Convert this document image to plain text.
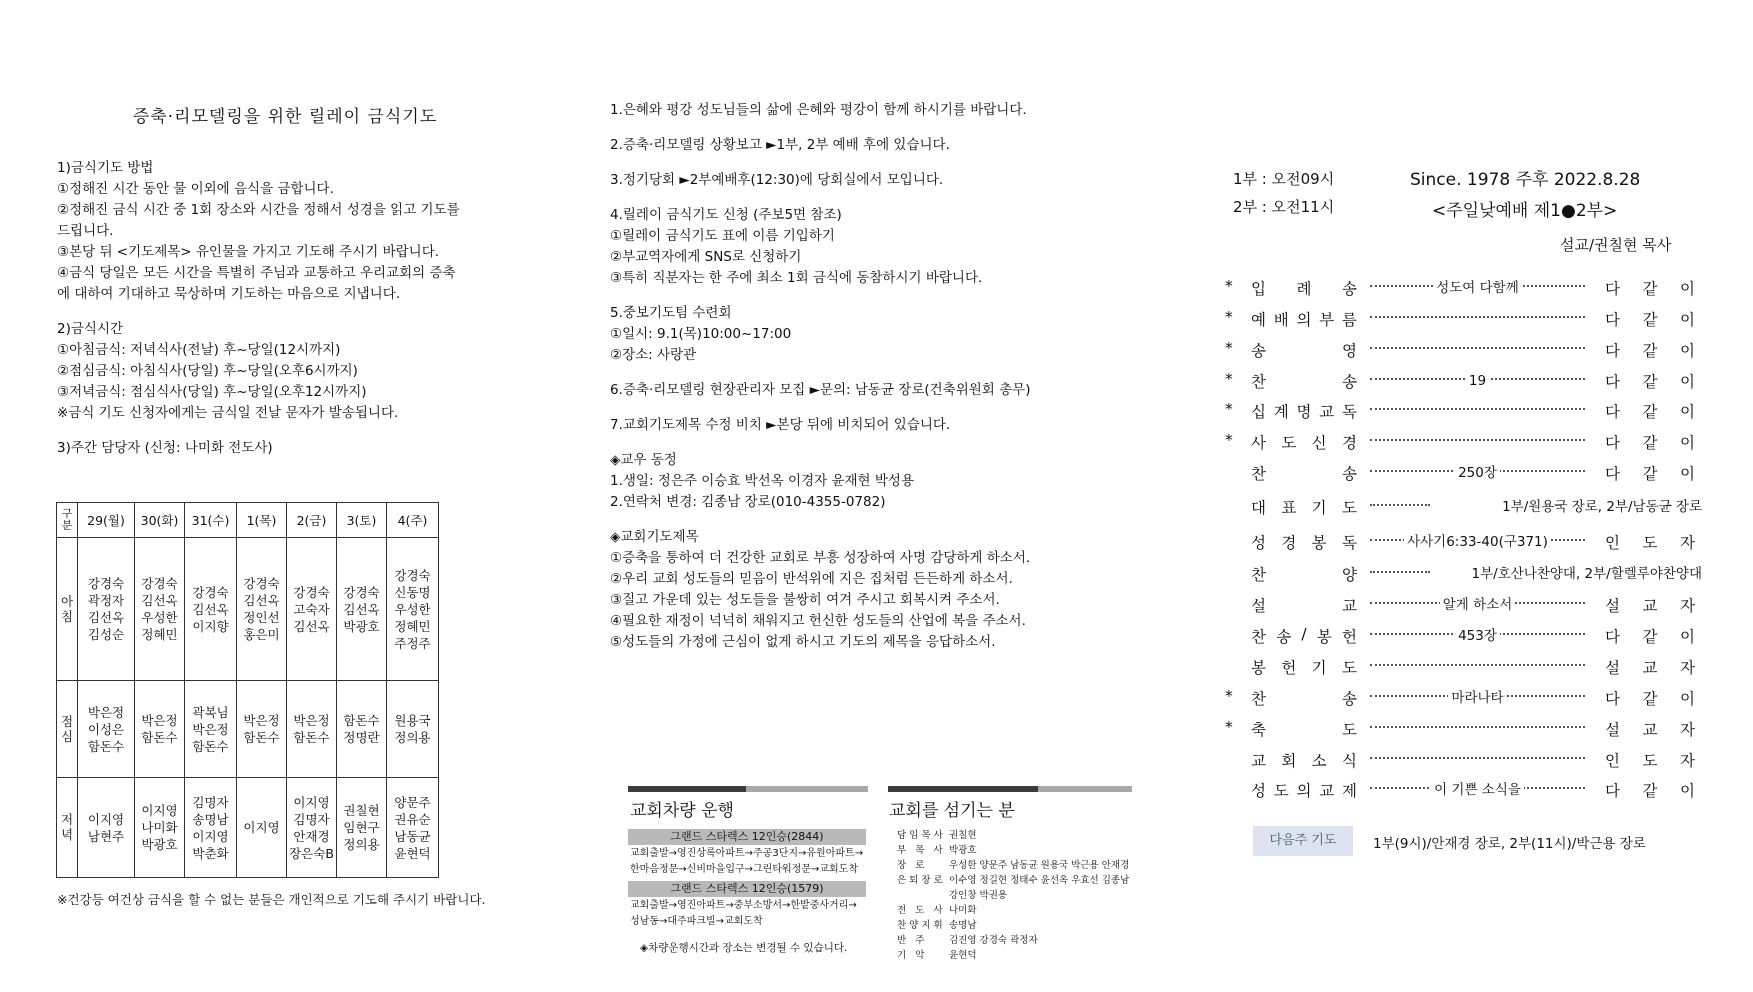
증축·리모델링을 위한 릴레이 금식기도
1)금식기도 방법
①정해진 시간 동안 물 이외에 음식을 금합니다.
②정해진 금식 시간 중 1회 장소와 시간을 정해서 성경을 읽고 기도를
드립니다.
③본당 뒤 <기도제목> 유인물을 가지고 기도해 주시기 바랍니다.
④금식 당일은 모든 시간을 특별히 주님과 교통하고 우리교회의 증축
에 대하여 기대하고 묵상하며 기도하는 마음으로 지냅니다.
2)금식시간
①아침금식: 저녁식사(전날) 후~당일(12시까지)
②점심금식: 아침식사(당일) 후~당일(오후6시까지)
③저녁금식: 점심식사(당일) 후~당일(오후12시까지)
※금식 기도 신청자에게는 금식일 전날 문자가 발송됩니다.
3)주간 담당자 (신청: 나미화 전도사)
구분	29(월)	30(화)	31(수)	1(목)	2(금)	3(토)	4(주)
아침	강경숙
곽정자
김선옥
김성순	강경숙
김선옥
우성한
정혜민	강경숙
김선옥
이지향	강경숙
김선옥
정인선
홍은미	강경숙
고숙자
김선옥	강경숙
김선옥
박광호	강경숙
신동명
우성한
정혜민
주정주
점심	박은정
이성은
함돈수	박은정
함돈수	곽복님
박은정
함돈수	박은정
함돈수	박은정
함돈수	함돈수
정명란	원용국
정의용
저녁	이지영
남현주	이지영
나미화
박광호	김명자
송명남
이지영
박춘화	이지영	이지영
김명자
안재경
장은숙B	권칠현
임현구
정의용	양문주
권유순
남동균
윤현덕
※건강등 여건상 금식을 할 수 없는 분들은 개인적으로 기도해 주시기 바랍니다.
1.은혜와 평강 성도님들의 삶에 은혜와 평강이 함께 하시기를 바랍니다.
2.증축·리모델링 상황보고 ►1부, 2부 예배 후에 있습니다.
3.정기당회 ►2부예배후(12:30)에 당회실에서 모입니다.
4.릴레이 금식기도 신청 (주보5면 참조)
①릴레이 금식기도 표에 이름 기입하기
②부교역자에게 SNS로 신청하기
③특히 직분자는 한 주에 최소 1회 금식에 동참하시기 바랍니다.
5.중보기도팀 수련회
①일시: 9.1(목)10:00~17:00
②장소: 사랑관
6.증축·리모델링 현장관리자 모집 ►문의: 남동균 장로(건축위원회 총무)
7.교회기도제목 수정 비치 ►본당 뒤에 비치되어 있습니다.
◈교우 동정
1.생일: 정은주 이승효 박선옥 이경자 윤재현 박성용
2.연락처 변경: 김종남 장로(010-4355-0782)
◈교회기도제목
①증축을 통하여 더 건강한 교회로 부흥 성장하여 사명 감당하게 하소서.
②우리 교회 성도들의 믿음이 반석위에 지은 집처럼 든든하게 하소서.
③질고 가운데 있는 성도들을 불쌍히 여겨 주시고 회복시켜 주소서.
④필요한 재정이 넉넉히 채워지고 헌신한 성도들의 산업에 복을 주소서.
⑤성도들의 가정에 근심이 없게 하시고 기도의 제목을 응답하소서.
교회차량 운행
그랜드 스타렉스 12인승(2844)
교회출발→영진상록아파트→주공3단지→유원아파트→
한마음정문→신비마을입구→그린타워정문→교회도착
그랜드 스타렉스 12인승(1579)
교회출발→영진아파트→중부소방서→한밭중사거리→
성남동→대주파크빌→교회도착
◈차량운행시간과 장소는 변경될 수 있습니다.
교회를 섬기는 분
담임목사 권칠현
부 목 사 박광호
장 로 우성한 양문주 남동균 원용국 박근용 안재경
은퇴장로 이수영 정길현 정태수 윤선옥 우효선 김종남
강인창 박권용
전 도 사 나미화
찬양지휘 송명남
반 주 김진영 강경숙 곽정자
기 악 윤현덕
1부 : 오전09시
2부 : 오전11시
Since. 1978 주후 2022.8.28
<주일낮예배 제1●2부>
설교/권칠현 목사
* 입 례 송	성도여 다함께	다 같 이
* 예 배 의 부 름	다 같 이
* 송	영	다 같 이
* 찬	송	19	다 같 이
* 십 계 명 교 독	다 같 이
* 사 도 신 경	다 같 이
찬	송	250장	다 같 이
대 표 기 도	1부/원용국 장로, 2부/남동균 장로
성 경 봉 독	사사기6:33-40(구371)	인 도 자
찬	양	1부/호산나찬양대, 2부/할렐루야찬양대
설	교	알게 하소서	설 교 자
찬 송 / 봉 헌	453장	다 같 이
봉 헌 기 도	설 교 자
* 찬	송	마라나타	다 같 이
* 축	도	설 교 자
교 회 소 식	인 도 자
성 도 의 교 제	이 기쁜 소식을	다 같 이
다음주 기도	1부(9시)/안재경 장로, 2부(11시)/박근용 장로
